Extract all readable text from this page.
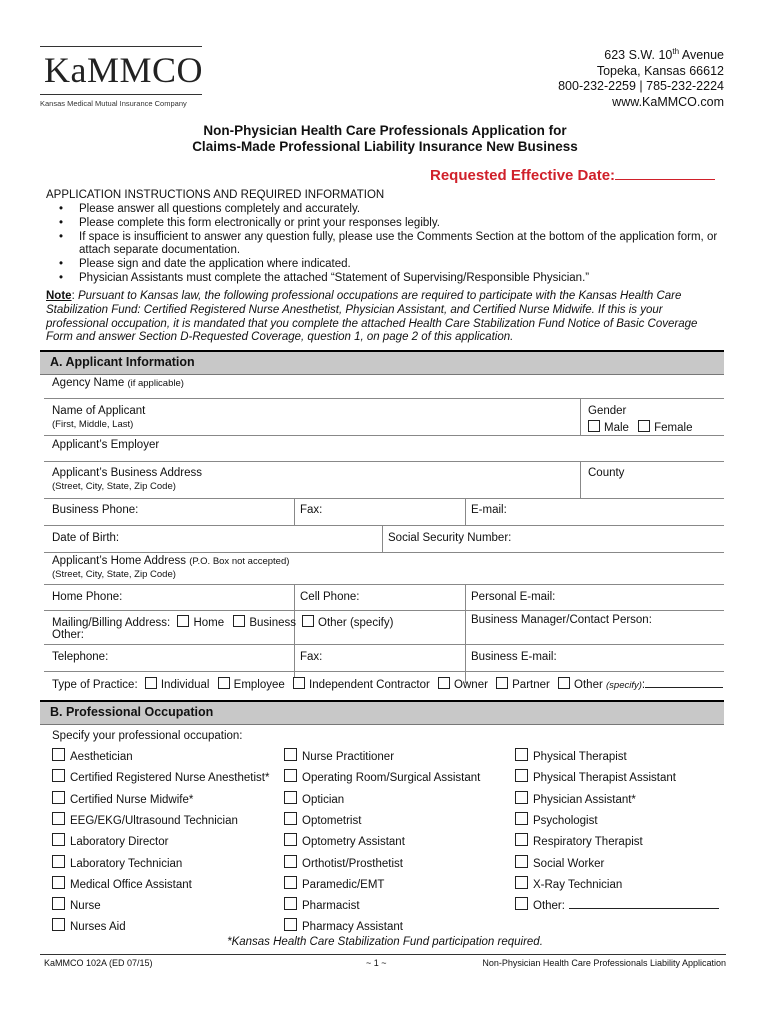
KaMMCO
Kansas Medical Mutual Insurance Company
623 S.W. 10th Avenue
Topeka, Kansas 66612
800-232-2259 | 785-232-2224
www.KaMMCO.com
Non-Physician Health Care Professionals Application for
Claims-Made Professional Liability Insurance New Business
Requested Effective Date:
APPLICATION INSTRUCTIONS AND REQUIRED INFORMATION
• Please answer all questions completely and accurately.
• Please complete this form electronically or print your responses legibly.
• If space is insufficient to answer any question fully, please use the Comments Section at the bottom of the application form, or attach separate documentation.
• Please sign and date the application where indicated.
• Physician Assistants must complete the attached “Statement of Supervising/Responsible Physician.”
Note: Pursuant to Kansas law, the following professional occupations are required to participate with the Kansas Health Care Stabilization Fund: Certified Registered Nurse Anesthetist, Physician Assistant, and Certified Nurse Midwife. If this is your professional occupation, it is mandated that you complete the attached Health Care Stabilization Fund Notice of Basic Coverage Form and answer Section D-Requested Coverage, question 1, on page 2 of this application.
A. Applicant Information
Agency Name (if applicable)
Name of Applicant
(First, Middle, Last)
Gender
Male Female
Applicant’s Employer
Applicant’s Business Address
(Street, City, State, Zip Code)
County
Business Phone:	Fax:	E-mail:
Date of Birth:	Social Security Number:
Applicant’s Home Address (P.O. Box not accepted)
(Street, City, State, Zip Code)
Home Phone:	Cell Phone:	Personal E-mail:
Mailing/Billing Address: Home Business	Other (specify)
Other:
Business Manager/Contact Person:
Telephone:	Fax:	Business E-mail:
Type of Practice: Individual Employee Independent Contractor Owner Partner Other (specify):
B. Professional Occupation
Specify your professional occupation:
Aesthetician
Certified Registered Nurse Anesthetist*
Certified Nurse Midwife*
EEG/EKG/Ultrasound Technician
Laboratory Director
Laboratory Technician
Medical Office Assistant
Nurse
Nurses Aid
Nurse Practitioner
Operating Room/Surgical Assistant
Optician
Optometrist
Optometry Assistant
Orthotist/Prosthetist
Paramedic/EMT
Pharmacist
Pharmacy Assistant
Physical Therapist
Physical Therapist Assistant
Physician Assistant*
Psychologist
Respiratory Therapist
Social Worker
X-Ray Technician
Other:
*Kansas Health Care Stabilization Fund participation required.
KaMMCO 102A (ED 07/15)	~ 1 ~	Non-Physician Health Care Professionals Liability Application
